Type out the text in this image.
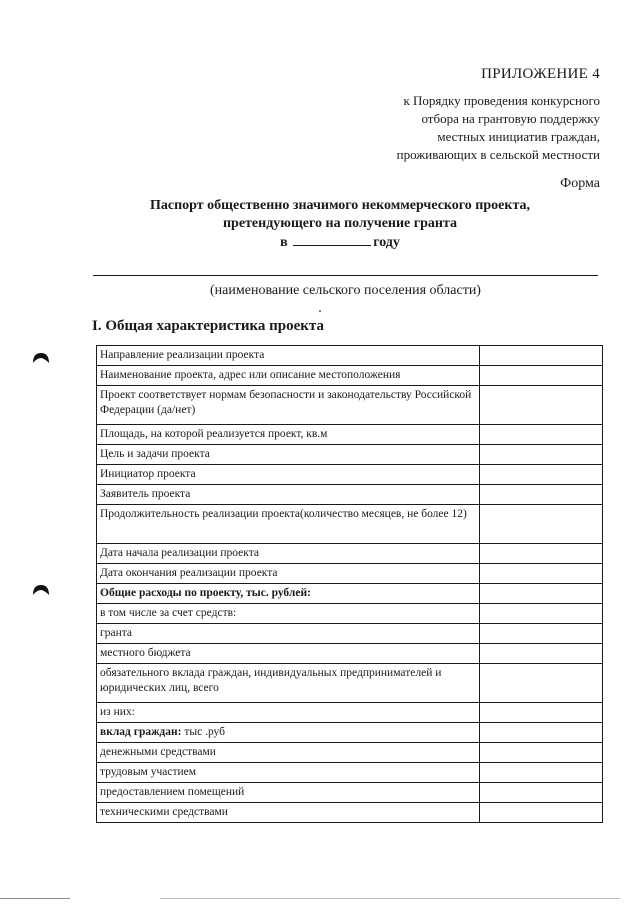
ПРИЛОЖЕНИЕ 4
к Порядку проведения конкурсного
отбора на грантовую поддержку
местных инициатив граждан,
проживающих в сельской местности
Форма
Паспорт общественно значимого некоммерческого проекта,
претендующего на получение гранта
в	году
(наименование сельского поселения области)
I. Общая характеристика проекта
Направление реализации проекта	
Наименование проекта, адрес или описание местоположения	
Проект соответствует нормам безопасности и законодательству Российской Федерации (да/нет)	
Площадь, на которой реализуется проект, кв.м	
Цель и задачи проекта	
Инициатор проекта	
Заявитель проекта	
Продолжительность реализации проекта(количество месяцев, не более 12)	
Дата начала реализации проекта	
Дата окончания реализации проекта	
Общие расходы по проекту, тыс. рублей:	
в том числе за счет средств:	
гранта	
местного бюджета	
обязательного вклада граждан, индивидуальных предпринимателей и юридических лиц, всего	
из них:	
вклад граждан: тыс .руб	
денежными средствами	
трудовым участием	
предоставлением помещений	
техническими средствами	
